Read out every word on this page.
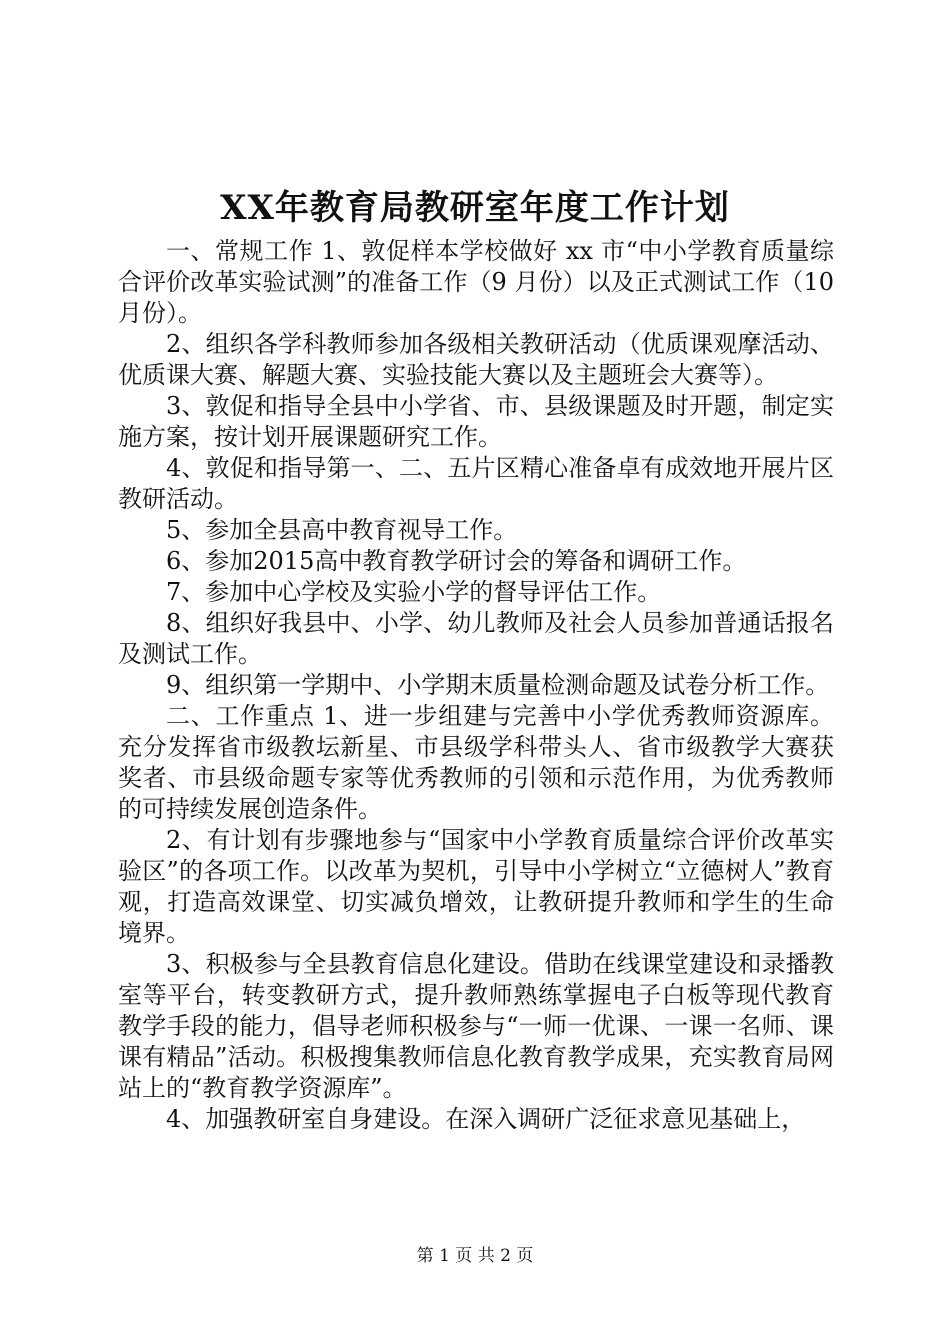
XX年教育局教研室年度工作计划

一、常规工作 1、敦促样本学校做好 xx 市“中小学教育质量综合评价改革实验试测”的准备工作（9 月份）以及正式测试工作（10 月份）。

2、组织各学科教师参加各级相关教研活动（优质课观摩活动、优质课大赛、解题大赛、实验技能大赛以及主题班会大赛等）。

3、敦促和指导全县中小学省、市、县级课题及时开题，制定实施方案，按计划开展课题研究工作。

4、敦促和指导第一、二、五片区精心准备卓有成效地开展片区教研活动。

5、参加全县高中教育视导工作。

6、参加2015高中教育教学研讨会的筹备和调研工作。

7、参加中心学校及实验小学的督导评估工作。

8、组织好我县中、小学、幼儿教师及社会人员参加普通话报名及测试工作。

9、组织第一学期中、小学期末质量检测命题及试卷分析工作。

二、工作重点 1、进一步组建与完善中小学优秀教师资源库。充分发挥省市级教坛新星、市县级学科带头人、省市级教学大赛获奖者、市县级命题专家等优秀教师的引领和示范作用，为优秀教师的可持续发展创造条件。

2、有计划有步骤地参与“国家中小学教育质量综合评价改革实验区”的各项工作。以改革为契机，引导中小学树立“立德树人”教育观，打造高效课堂、切实减负增效，让教研提升教师和学生的生命境界。

3、积极参与全县教育信息化建设。借助在线课堂建设和录播教室等平台，转变教研方式，提升教师熟练掌握电子白板等现代教育教学手段的能力，倡导老师积极参与“一师一优课、一课一名师、课课有精品”活动。积极搜集教师信息化教育教学成果，充实教育局网站上的“教育教学资源库”。

4、加强教研室自身建设。在深入调研广泛征求意见基础上，

第 1 页 共 2 页
